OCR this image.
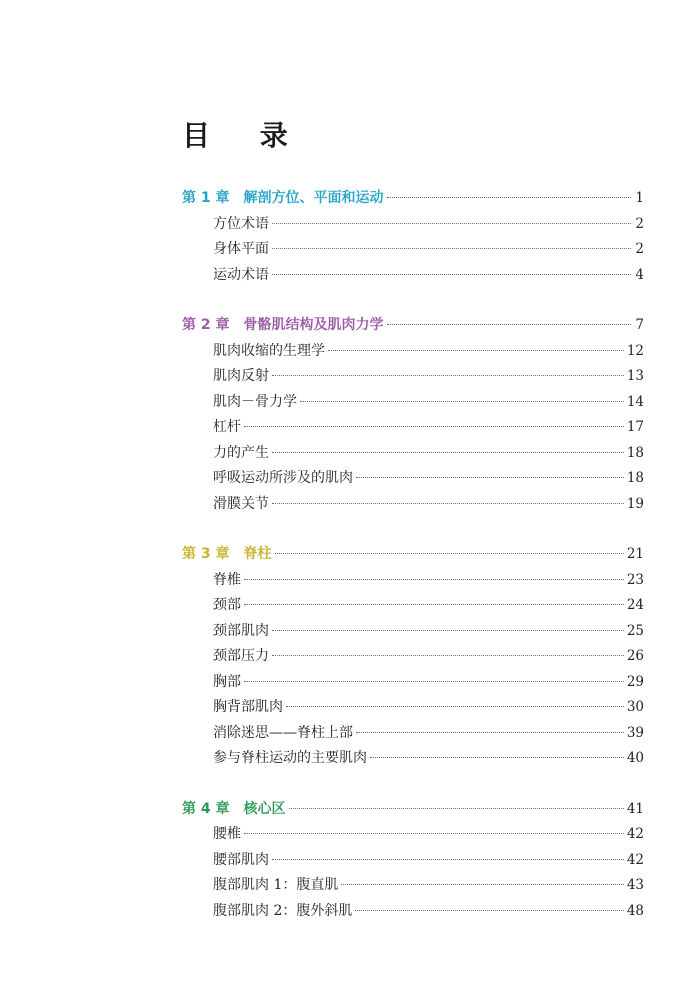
目 录
第 1 章 解剖方位、平面和运动	1
方位术语	2
身体平面	2
运动术语	4
第 2 章 骨骼肌结构及肌肉力学	7
肌肉收缩的生理学	12
肌肉反射	13
肌肉－骨力学	14
杠杆	17
力的产生	18
呼吸运动所涉及的肌肉	18
滑膜关节	19
第 3 章 脊柱	21
脊椎	23
颈部	24
颈部肌肉	25
颈部压力	26
胸部	29
胸背部肌肉	30
消除迷思——脊柱上部	39
参与脊柱运动的主要肌肉	40
第 4 章 核心区	41
腰椎	42
腰部肌肉	42
腹部肌肉 1：腹直肌	43
腹部肌肉 2：腹外斜肌	48
